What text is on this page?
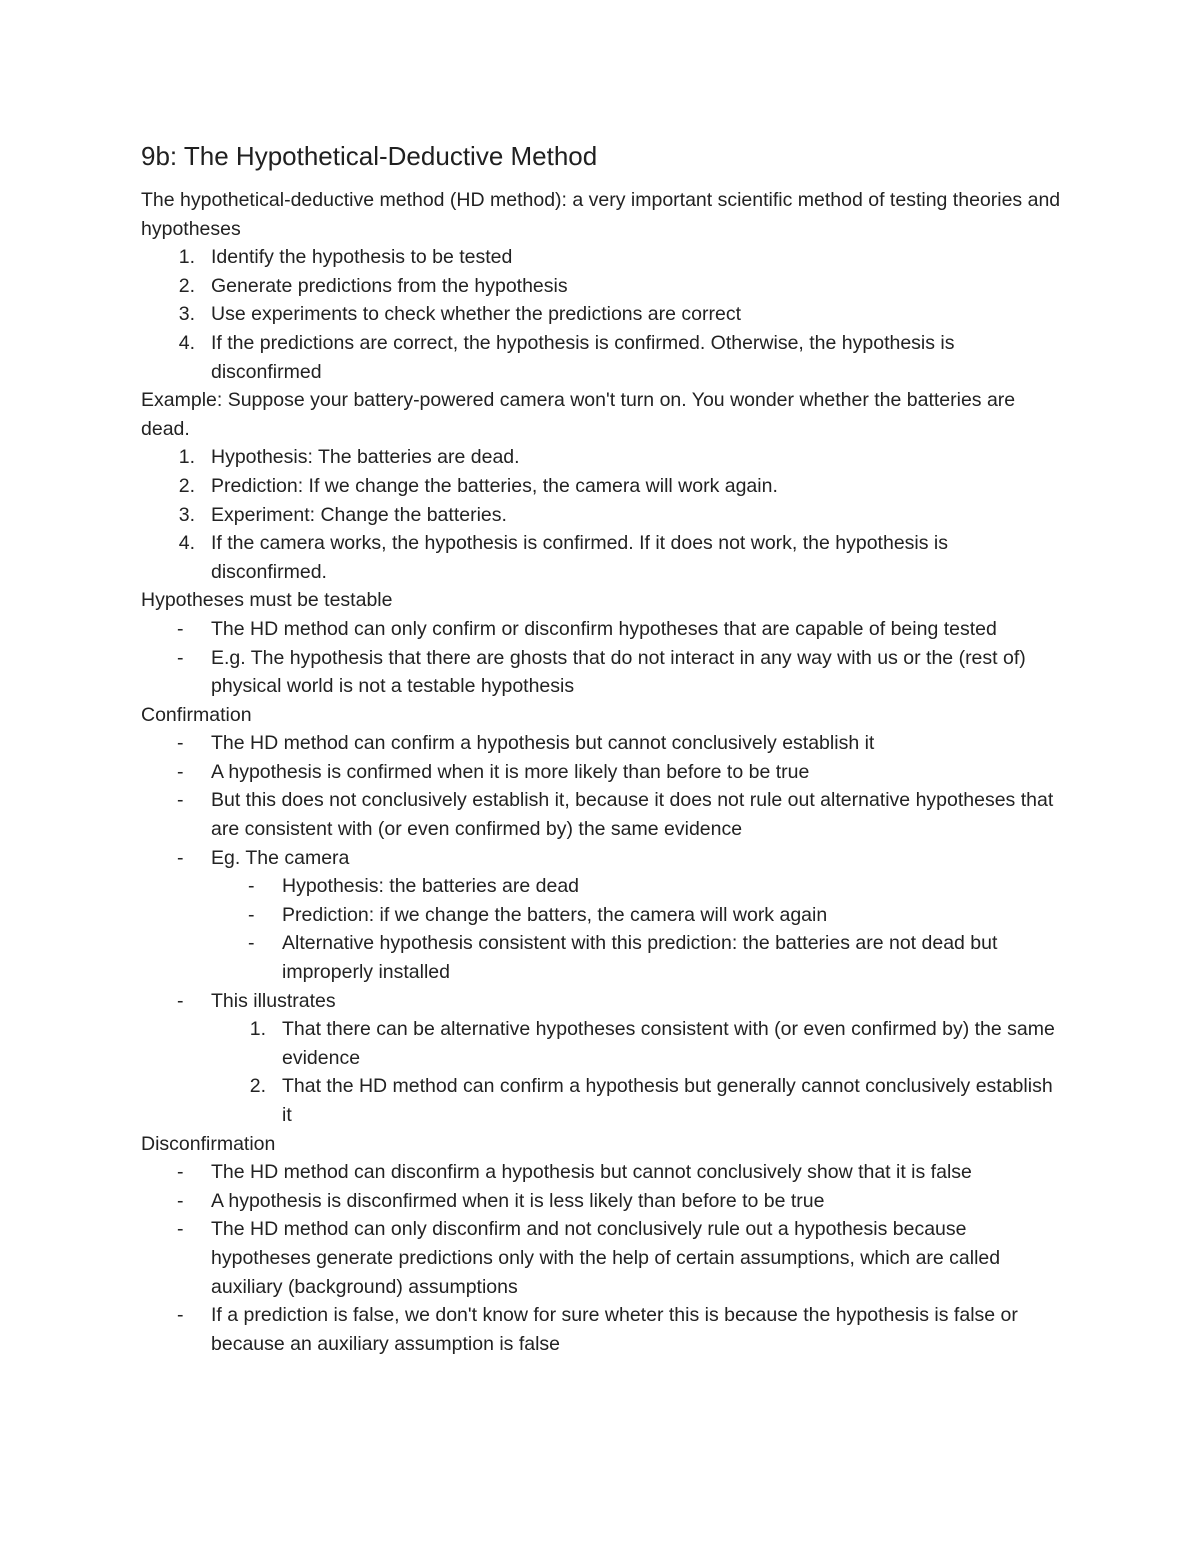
9b: The Hypothetical-Deductive Method

The hypothetical-deductive method (HD method): a very important scientific method of testing theories and hypotheses

1. Identify the hypothesis to be tested
2. Generate predictions from the hypothesis
3. Use experiments to check whether the predictions are correct
4. If the predictions are correct, the hypothesis is confirmed. Otherwise, the hypothesis is disconfirmed

Example: Suppose your battery-powered camera won't turn on. You wonder whether the batteries are dead.

1. Hypothesis: The batteries are dead.
2. Prediction: If we change the batteries, the camera will work again.
3. Experiment: Change the batteries.
4. If the camera works, the hypothesis is confirmed. If it does not work, the hypothesis is disconfirmed.

Hypotheses must be testable

-	The HD method can only confirm or disconfirm hypotheses that are capable of being tested
-	E.g. The hypothesis that there are ghosts that do not interact in any way with us or the (rest of) physical world is not a testable hypothesis

Confirmation

-	The HD method can confirm a hypothesis but cannot conclusively establish it
-	A hypothesis is confirmed when it is more likely than before to be true
-	But this does not conclusively establish it, because it does not rule out alternative hypotheses that are consistent with (or even confirmed by) the same evidence
-	Eg. The camera
-	Hypothesis: the batteries are dead
-	Prediction: if we change the batters, the camera will work again
-	Alternative hypothesis consistent with this prediction: the batteries are not dead but improperly installed
-	This illustrates
1. That there can be alternative hypotheses consistent with (or even confirmed by) the same evidence
2. That the HD method can confirm a hypothesis but generally cannot conclusively establish it

Disconfirmation

-	The HD method can disconfirm a hypothesis but cannot conclusively show that it is false
-	A hypothesis is disconfirmed when it is less likely than before to be true
-	The HD method can only disconfirm and not conclusively rule out a hypothesis because hypotheses generate predictions only with the help of certain assumptions, which are called auxiliary (background) assumptions
-	If a prediction is false, we don't know for sure wheter this is because the hypothesis is false or because an auxiliary assumption is false
